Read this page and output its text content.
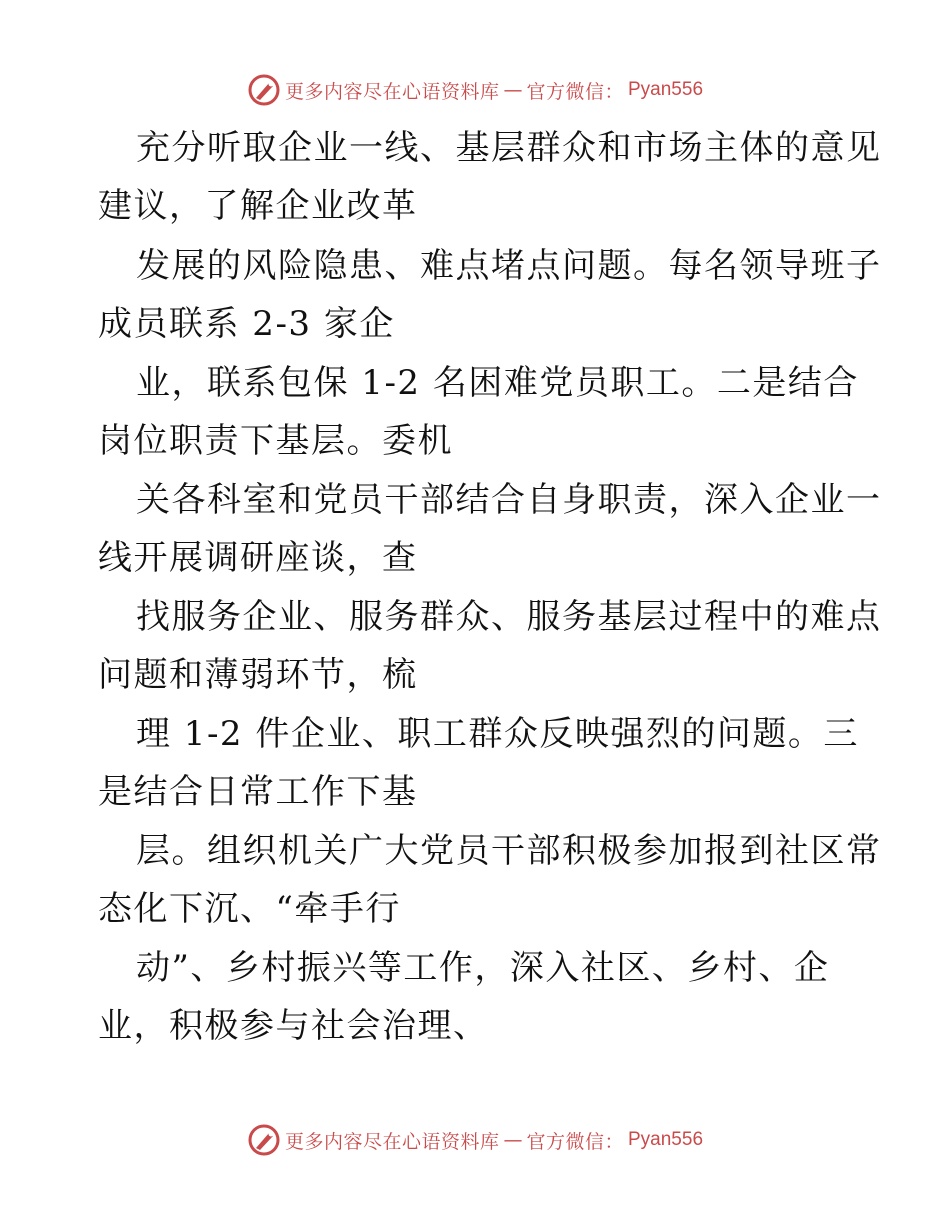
更多内容尽在心语资料库 — 官方微信： Pyan556
充分听取企业一线、基层群众和市场主体的意见
建议，了解企业改革
发展的风险隐患、难点堵点问题。每名领导班子
成员联系 2-3 家企
业，联系包保 1-2 名困难党员职工。二是结合
岗位职责下基层。委机
关各科室和党员干部结合自身职责，深入企业一
线开展调研座谈，查
找服务企业、服务群众、服务基层过程中的难点
问题和薄弱环节，梳
理 1-2 件企业、职工群众反映强烈的问题。三
是结合日常工作下基
层。组织机关广大党员干部积极参加报到社区常
态化下沉、“牵手行
动”、乡村振兴等工作，深入社区、乡村、企
业，积极参与社会治理、
更多内容尽在心语资料库 — 官方微信： Pyan556
